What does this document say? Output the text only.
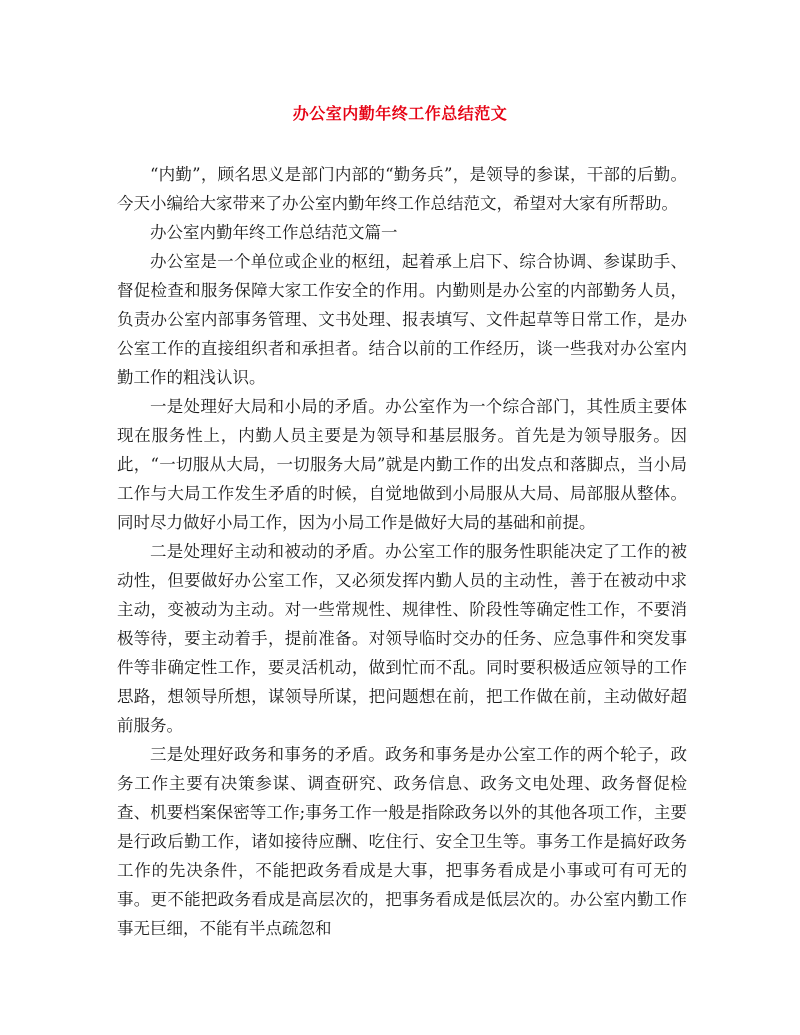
办公室内勤年终工作总结范文

“内勤”，顾名思义是部门内部的“勤务兵”，是领导的参谋，干部的后勤。今天小编给大家带来了办公室内勤年终工作总结范文，希望对大家有所帮助。

办公室内勤年终工作总结范文篇一

办公室是一个单位或企业的枢纽，起着承上启下、综合协调、参谋助手、督促检查和服务保障大家工作安全的作用。内勤则是办公室的内部勤务人员，负责办公室内部事务管理、文书处理、报表填写、文件起草等日常工作，是办公室工作的直接组织者和承担者。结合以前的工作经历，谈一些我对办公室内勤工作的粗浅认识。

一是处理好大局和小局的矛盾。办公室作为一个综合部门，其性质主要体现在服务性上，内勤人员主要是为领导和基层服务。首先是为领导服务。因此，“一切服从大局，一切服务大局”就是内勤工作的出发点和落脚点，当小局工作与大局工作发生矛盾的时候，自觉地做到小局服从大局、局部服从整体。同时尽力做好小局工作，因为小局工作是做好大局的基础和前提。

二是处理好主动和被动的矛盾。办公室工作的服务性职能决定了工作的被动性，但要做好办公室工作，又必须发挥内勤人员的主动性，善于在被动中求主动，变被动为主动。对一些常规性、规律性、阶段性等确定性工作，不要消极等待，要主动着手，提前准备。对领导临时交办的任务、应急事件和突发事件等非确定性工作，要灵活机动，做到忙而不乱。同时要积极适应领导的工作思路，想领导所想，谋领导所谋，把问题想在前，把工作做在前，主动做好超前服务。

三是处理好政务和事务的矛盾。政务和事务是办公室工作的两个轮子，政务工作主要有决策参谋、调查研究、政务信息、政务文电处理、政务督促检查、机要档案保密等工作;事务工作一般是指除政务以外的其他各项工作，主要是行政后勤工作，诸如接待应酬、吃住行、安全卫生等。事务工作是搞好政务工作的先决条件，不能把政务看成是大事，把事务看成是小事或可有可无的事。更不能把政务看成是高层次的，把事务看成是低层次的。办公室内勤工作事无巨细，不能有半点疏忽和
